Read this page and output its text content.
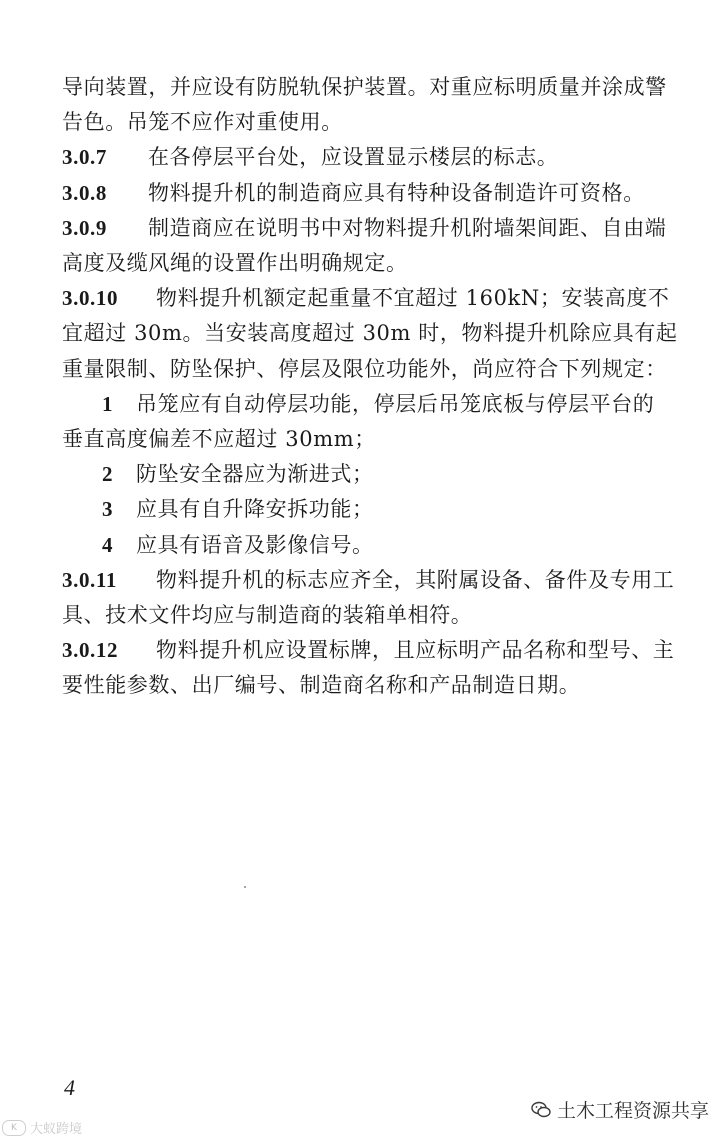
导向装置，并应设有防脱轨保护装置。对重应标明质量并涂成警
告色。吊笼不应作对重使用。
3.0.7 在各停层平台处，应设置显示楼层的标志。
3.0.8 物料提升机的制造商应具有特种设备制造许可资格。
3.0.9 制造商应在说明书中对物料提升机附墙架间距、自由端
高度及缆风绳的设置作出明确规定。
3.0.10 物料提升机额定起重量不宜超过 160kN；安装高度不
宜超过 30m。当安装高度超过 30m 时，物料提升机除应具有起
重量限制、防坠保护、停层及限位功能外，尚应符合下列规定：
1 吊笼应有自动停层功能，停层后吊笼底板与停层平台的
垂直高度偏差不应超过 30mm；
2 防坠安全器应为渐进式；
3 应具有自升降安拆功能；
4 应具有语音及影像信号。
3.0.11 物料提升机的标志应齐全，其附属设备、备件及专用工
具、技术文件均应与制造商的装箱单相符。
3.0.12 物料提升机应设置标牌，且应标明产品名称和型号、主
要性能参数、出厂编号、制造商名称和产品制造日期。
4
K	大蚁跨境
土木工程资源共享
